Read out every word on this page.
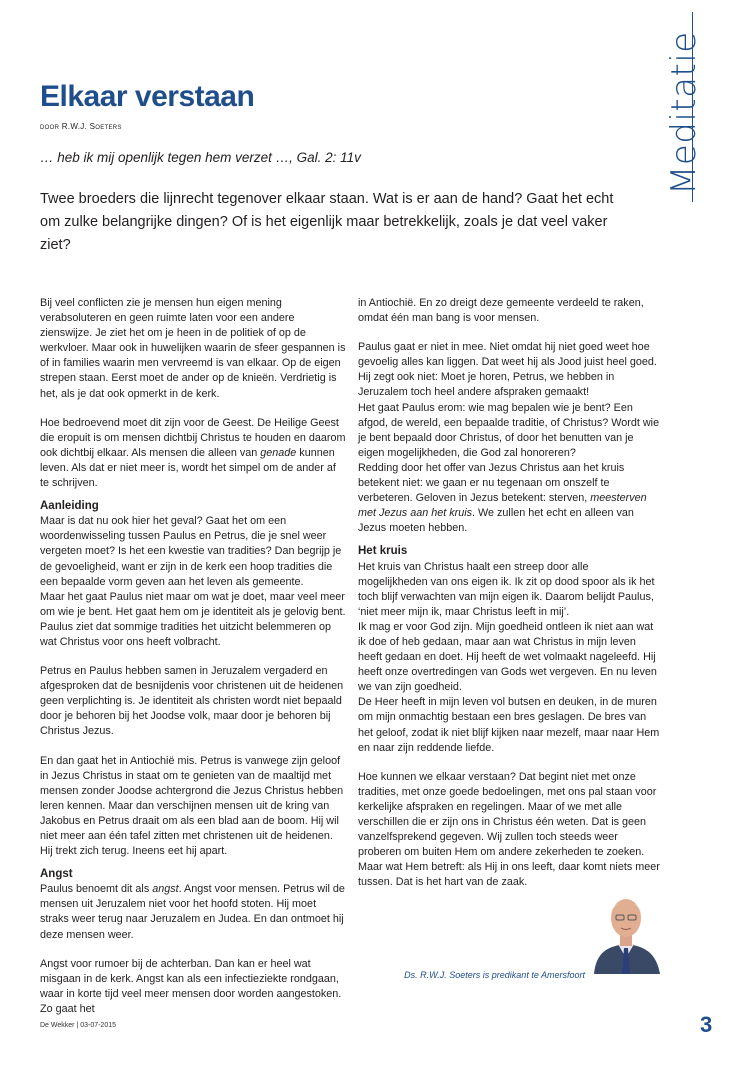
Meditatie
Elkaar verstaan
door R.W.J. Soeters
… heb ik mij openlijk tegen hem verzet …, Gal. 2: 11v

Twee broeders die lijnrecht tegenover elkaar staan. Wat is er aan de hand? Gaat het echt om zulke belangrijke dingen? Of is het eigenlijk maar betrekkelijk, zoals je dat veel vaker ziet?

Bij veel conflicten zie je mensen hun eigen mening verabsoluteren en geen ruimte laten voor een andere zienswijze. Je ziet het om je heen in de politiek of op de werkvloer. Maar ook in huwelijken waarin de sfeer gespannen is of in families waarin men vervreemd is van elkaar. Op de eigen strepen staan. Eerst moet de ander op de knieën. Verdrietig is het, als je dat ook opmerkt in de kerk.

Hoe bedroevend moet dit zijn voor de Geest. De Heilige Geest die eropuit is om mensen dichtbij Christus te houden en daarom ook dichtbij elkaar. Als mensen die alleen van genade kunnen leven. Als dat er niet meer is, wordt het simpel om de ander af te schrijven.

Aanleiding

Maar is dat nu ook hier het geval? Gaat het om een woordenwisseling tussen Paulus en Petrus, die je snel weer vergeten moet? Is het een kwestie van tradities? Dan begrijp je de gevoeligheid, want er zijn in de kerk een hoop tradities die een bepaalde vorm geven aan het leven als gemeente.

Maar het gaat Paulus niet maar om wat je doet, maar veel meer om wie je bent. Het gaat hem om je identiteit als je gelovig bent. Paulus ziet dat sommige tradities het uitzicht belemmeren op wat Christus voor ons heeft volbracht.

Petrus en Paulus hebben samen in Jeruzalem vergaderd en afgesproken dat de besnijdenis voor christenen uit de heidenen geen verplichting is. Je identiteit als christen wordt niet bepaald door je behoren bij het Joodse volk, maar door je behoren bij Christus Jezus.

En dan gaat het in Antiochië mis. Petrus is vanwege zijn geloof in Jezus Christus in staat om te genieten van de maaltijd met mensen zonder Joodse achtergrond die Jezus Christus hebben leren kennen. Maar dan verschijnen mensen uit de kring van Jakobus en Petrus draait om als een blad aan de boom. Hij wil niet meer aan één tafel zitten met christenen uit de heidenen. Hij trekt zich terug. Ineens eet hij apart.

Angst

Paulus benoemt dit als angst. Angst voor mensen. Petrus wil de mensen uit Jeruzalem niet voor het hoofd stoten. Hij moet straks weer terug naar Jeruzalem en Judea. En dan ontmoet hij deze mensen weer.

Angst voor rumoer bij de achterban. Dan kan er heel wat misgaan in de kerk. Angst kan als een infectieziekte rondgaan, waar in korte tijd veel meer mensen door worden aangestoken. Zo gaat het

in Antiochië. En zo dreigt deze gemeente verdeeld te raken, omdat één man bang is voor mensen.

Paulus gaat er niet in mee. Niet omdat hij niet goed weet hoe gevoelig alles kan liggen. Dat weet hij als Jood juist heel goed. Hij zegt ook niet: Moet je horen, Petrus, we hebben in Jeruzalem toch heel andere afspraken gemaakt!

Het gaat Paulus erom: wie mag bepalen wie je bent? Een afgod, de wereld, een bepaalde traditie, of Christus? Wordt wie je bent bepaald door Christus, of door het benutten van je eigen mogelijkheden, die God zal honoreren?

Redding door het offer van Jezus Christus aan het kruis betekent niet: we gaan er nu tegenaan om onszelf te verbeteren. Geloven in Jezus betekent: sterven, meesterven met Jezus aan het kruis. We zullen het echt en alleen van Jezus moeten hebben.

Het kruis

Het kruis van Christus haalt een streep door alle mogelijkheden van ons eigen ik. Ik zit op dood spoor als ik het toch blijf verwachten van mijn eigen ik. Daarom belijdt Paulus, ‘niet meer mijn ik, maar Christus leeft in mij’.

Ik mag er voor God zijn. Mijn goedheid ontleen ik niet aan wat ik doe of heb gedaan, maar aan wat Christus in mijn leven heeft gedaan en doet. Hij heeft de wet volmaakt nageleefd. Hij heeft onze overtredingen van Gods wet vergeven. En nu leven we van zijn goedheid.

De Heer heeft in mijn leven vol butsen en deuken, in de muren om mijn onmachtig bestaan een bres geslagen. De bres van het geloof, zodat ik niet blijf kijken naar mezelf, maar naar Hem en naar zijn reddende liefde.

Hoe kunnen we elkaar verstaan? Dat begint niet met onze tradities, met onze goede bedoelingen, met ons pal staan voor kerkelijke afspraken en regelingen. Maar of we met alle verschillen die er zijn ons in Christus één weten. Dat is geen vanzelfsprekend gegeven. Wij zullen toch steeds weer proberen om buiten Hem om andere zekerheden te zoeken. Maar wat Hem betreft: als Hij in ons leeft, daar komt niets meer tussen. Dat is het hart van de zaak.

Ds. R.W.J. Soeters is predikant te Amersfoort
De Wekker | 03-07-2015	3
